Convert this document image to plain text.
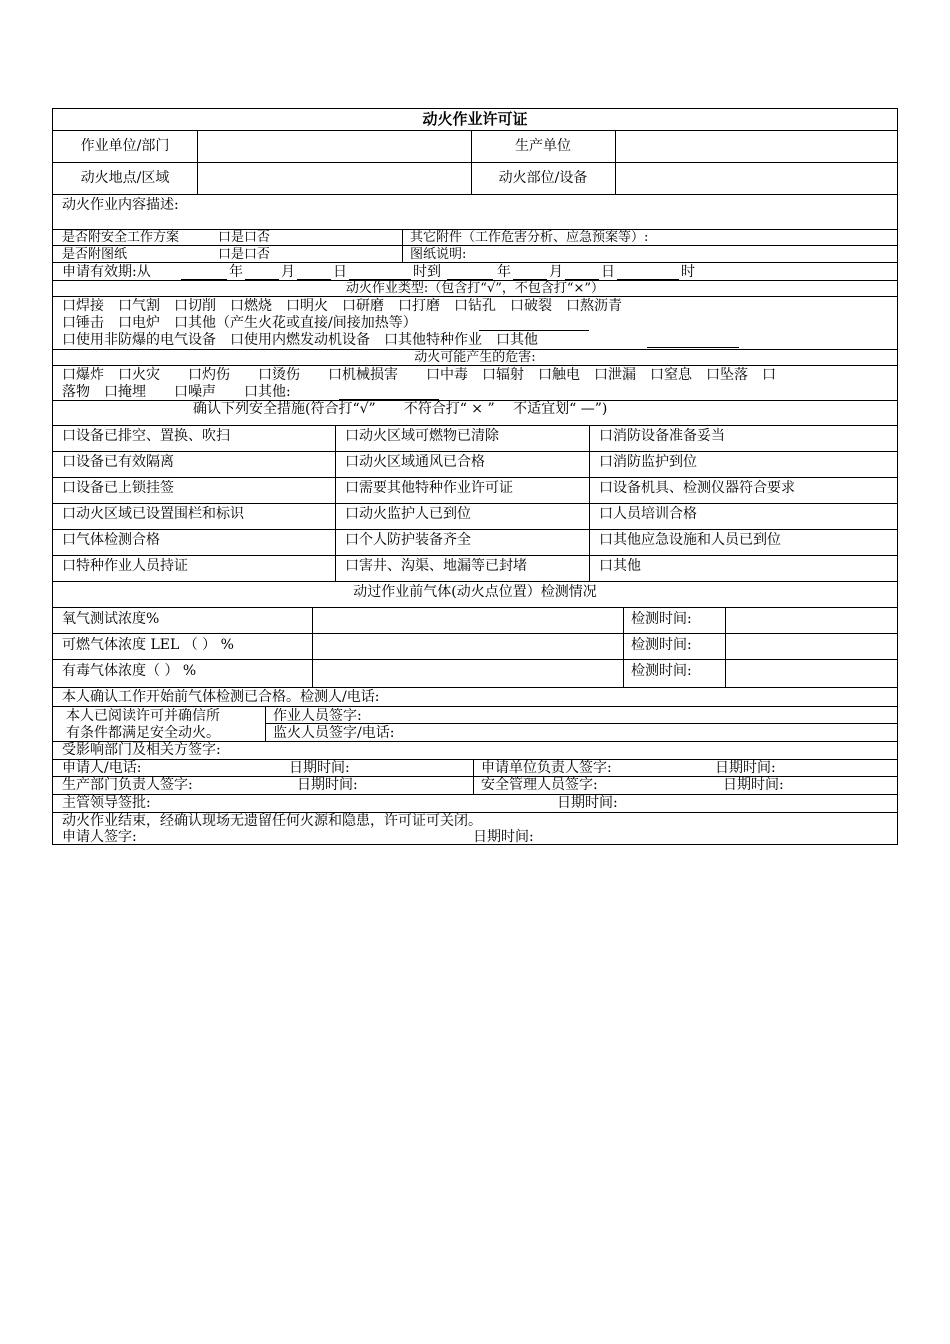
动火作业许可证
作业单位/部门	生产单位
动火地点/区域	动火部位/设备
动火作业内容描述:
是否附安全工作方案　　　口是口否	其它附件（工作危害分析、应急预案等）:
是否附图纸　　　　　　　口是口否	图纸说明:
申请有效期:从	年	月	日	时到	年	月	日	时
动火作业类型:（包含打“√”，不包含打“×”）
口焊接　口气割　口切削　口燃烧　口明火　口研磨　口打磨　口钻孔　口破裂　口熬沥青
口锤击　口电炉　口其他（产生火花或直接/间接加热等）
口使用非防爆的电气设备　口使用内燃发动机设备　口其他特种作业　口其他
动火可能产生的危害:
口爆炸　口火灾　　口灼伤　　口烫伤　　口机械损害　　口中毒　口辐射　口触电　口泄漏　口窒息　口坠落　口
落物　口掩埋　　口噪声　　口其他:
确认下列安全措施(符合打“√”　　不符合打“ × ”　 不适宜划“ —”)
口设备已排空、置换、吹扫	口动火区域可燃物已清除	口消防设备准备妥当
口设备已有效隔离	口动火区域通风已合格	口消防监护到位
口设备已上锁挂签	口需要其他特种作业许可证	口设备机具、检测仪器符合要求
口动火区域已设置围栏和标识	口动火监护人已到位	口人员培训合格
口气体检测合格	口个人防护装备齐全	口其他应急设施和人员已到位
口特种作业人员持证	口害井、沟渠、地漏等已封堵	口其他
动过作业前气体(动火点位置）检测情况
氧气测试浓度%	检测时间:
可燃气体浓度 LEL （ ） %	检测时间:
有毒气体浓度（ ） %	检测时间:
本人确认工作开始前气体检测已合格。检测人/电话:
本人已阅读许可并确信所	作业人员签字:
有条件都满足安全动火。	监火人员签字/电话:
受影响部门及相关方签字:
申请人/电话:	日期时间:	申请单位负责人签字:	日期时间:
生产部门负责人签字:	日期时间:	安全管理人员签字:	日期时间:
主管领导签批:	日期时间:
动火作业结束，经确认现场无遗留任何火源和隐患，许可证可关闭。
申请人签字:	日期时间:
